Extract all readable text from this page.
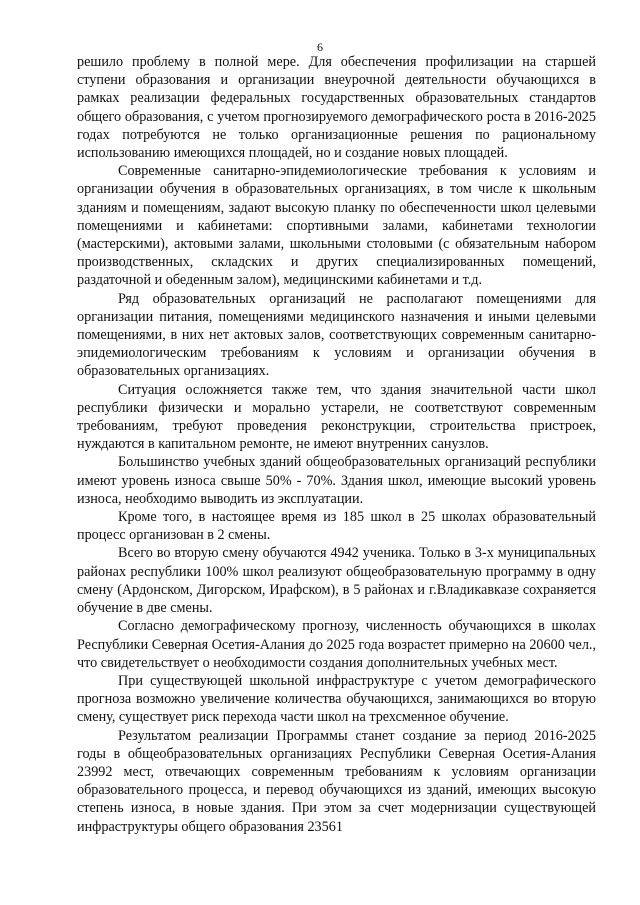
6

решило проблему в полной мере. Для обеспечения профилизации на старшей ступени образования и организации внеурочной деятельности обучающихся в рамках реализации федеральных государственных образовательных стандартов общего образования, с учетом прогнозируемого демографического роста в 2016-2025 годах потребуются не только организационные решения по рациональному использованию имеющихся площадей, но и создание новых площадей.

Современные санитарно-эпидемиологические требования к условиям и организации обучения в образовательных организациях, в том числе к школьным зданиям и помещениям, задают высокую планку по обеспеченности школ целевыми помещениями и кабинетами: спортивными залами, кабинетами технологии (мастерскими), актовыми залами, школьными столовыми (с обязательным набором производственных, складских и других специализированных помещений, раздаточной и обеденным залом), медицинскими кабинетами и т.д.

Ряд образовательных организаций не располагают помещениями для организации питания, помещениями медицинского назначения и иными целевыми помещениями, в них нет актовых залов, соответствующих современным санитарно-эпидемиологическим требованиям к условиям и организации обучения в образовательных организациях.

Ситуация осложняется также тем, что здания значительной части школ республики физически и морально устарели, не соответствуют современным требованиям, требуют проведения реконструкции, строительства пристроек, нуждаются в капитальном ремонте, не имеют внутренних санузлов.

Большинство учебных зданий общеобразовательных организаций республики имеют уровень износа свыше 50% - 70%. Здания школ, имеющие высокий уровень износа, необходимо выводить из эксплуатации.

Кроме того, в настоящее время из 185 школ в 25 школах образовательный процесс организован в 2 смены.

Всего во вторую смену обучаются 4942 ученика. Только в 3-х муниципальных районах республики 100% школ реализуют общеобразовательную программу в одну смену (Ардонском, Дигорском, Ирафском), в 5 районах и г.Владикавказе сохраняется обучение в две смены.

Согласно демографическому прогнозу, численность обучающихся в школах Республики Северная Осетия-Алания до 2025 года возрастет примерно на 20600 чел., что свидетельствует о необходимости создания дополнительных учебных мест.

При существующей школьной инфраструктуре с учетом демографического прогноза возможно увеличение количества обучающихся, занимающихся во вторую смену, существует риск перехода части школ на трехсменное обучение.

Результатом реализации Программы станет создание за период 2016-2025 годы в общеобразовательных организациях Республики Северная Осетия-Алания 23992 мест, отвечающих современным требованиям к условиям организации образовательного процесса, и перевод обучающихся из зданий, имеющих высокую степень износа, в новые здания. При этом за счет модернизации существующей инфраструктуры общего образования 23561
